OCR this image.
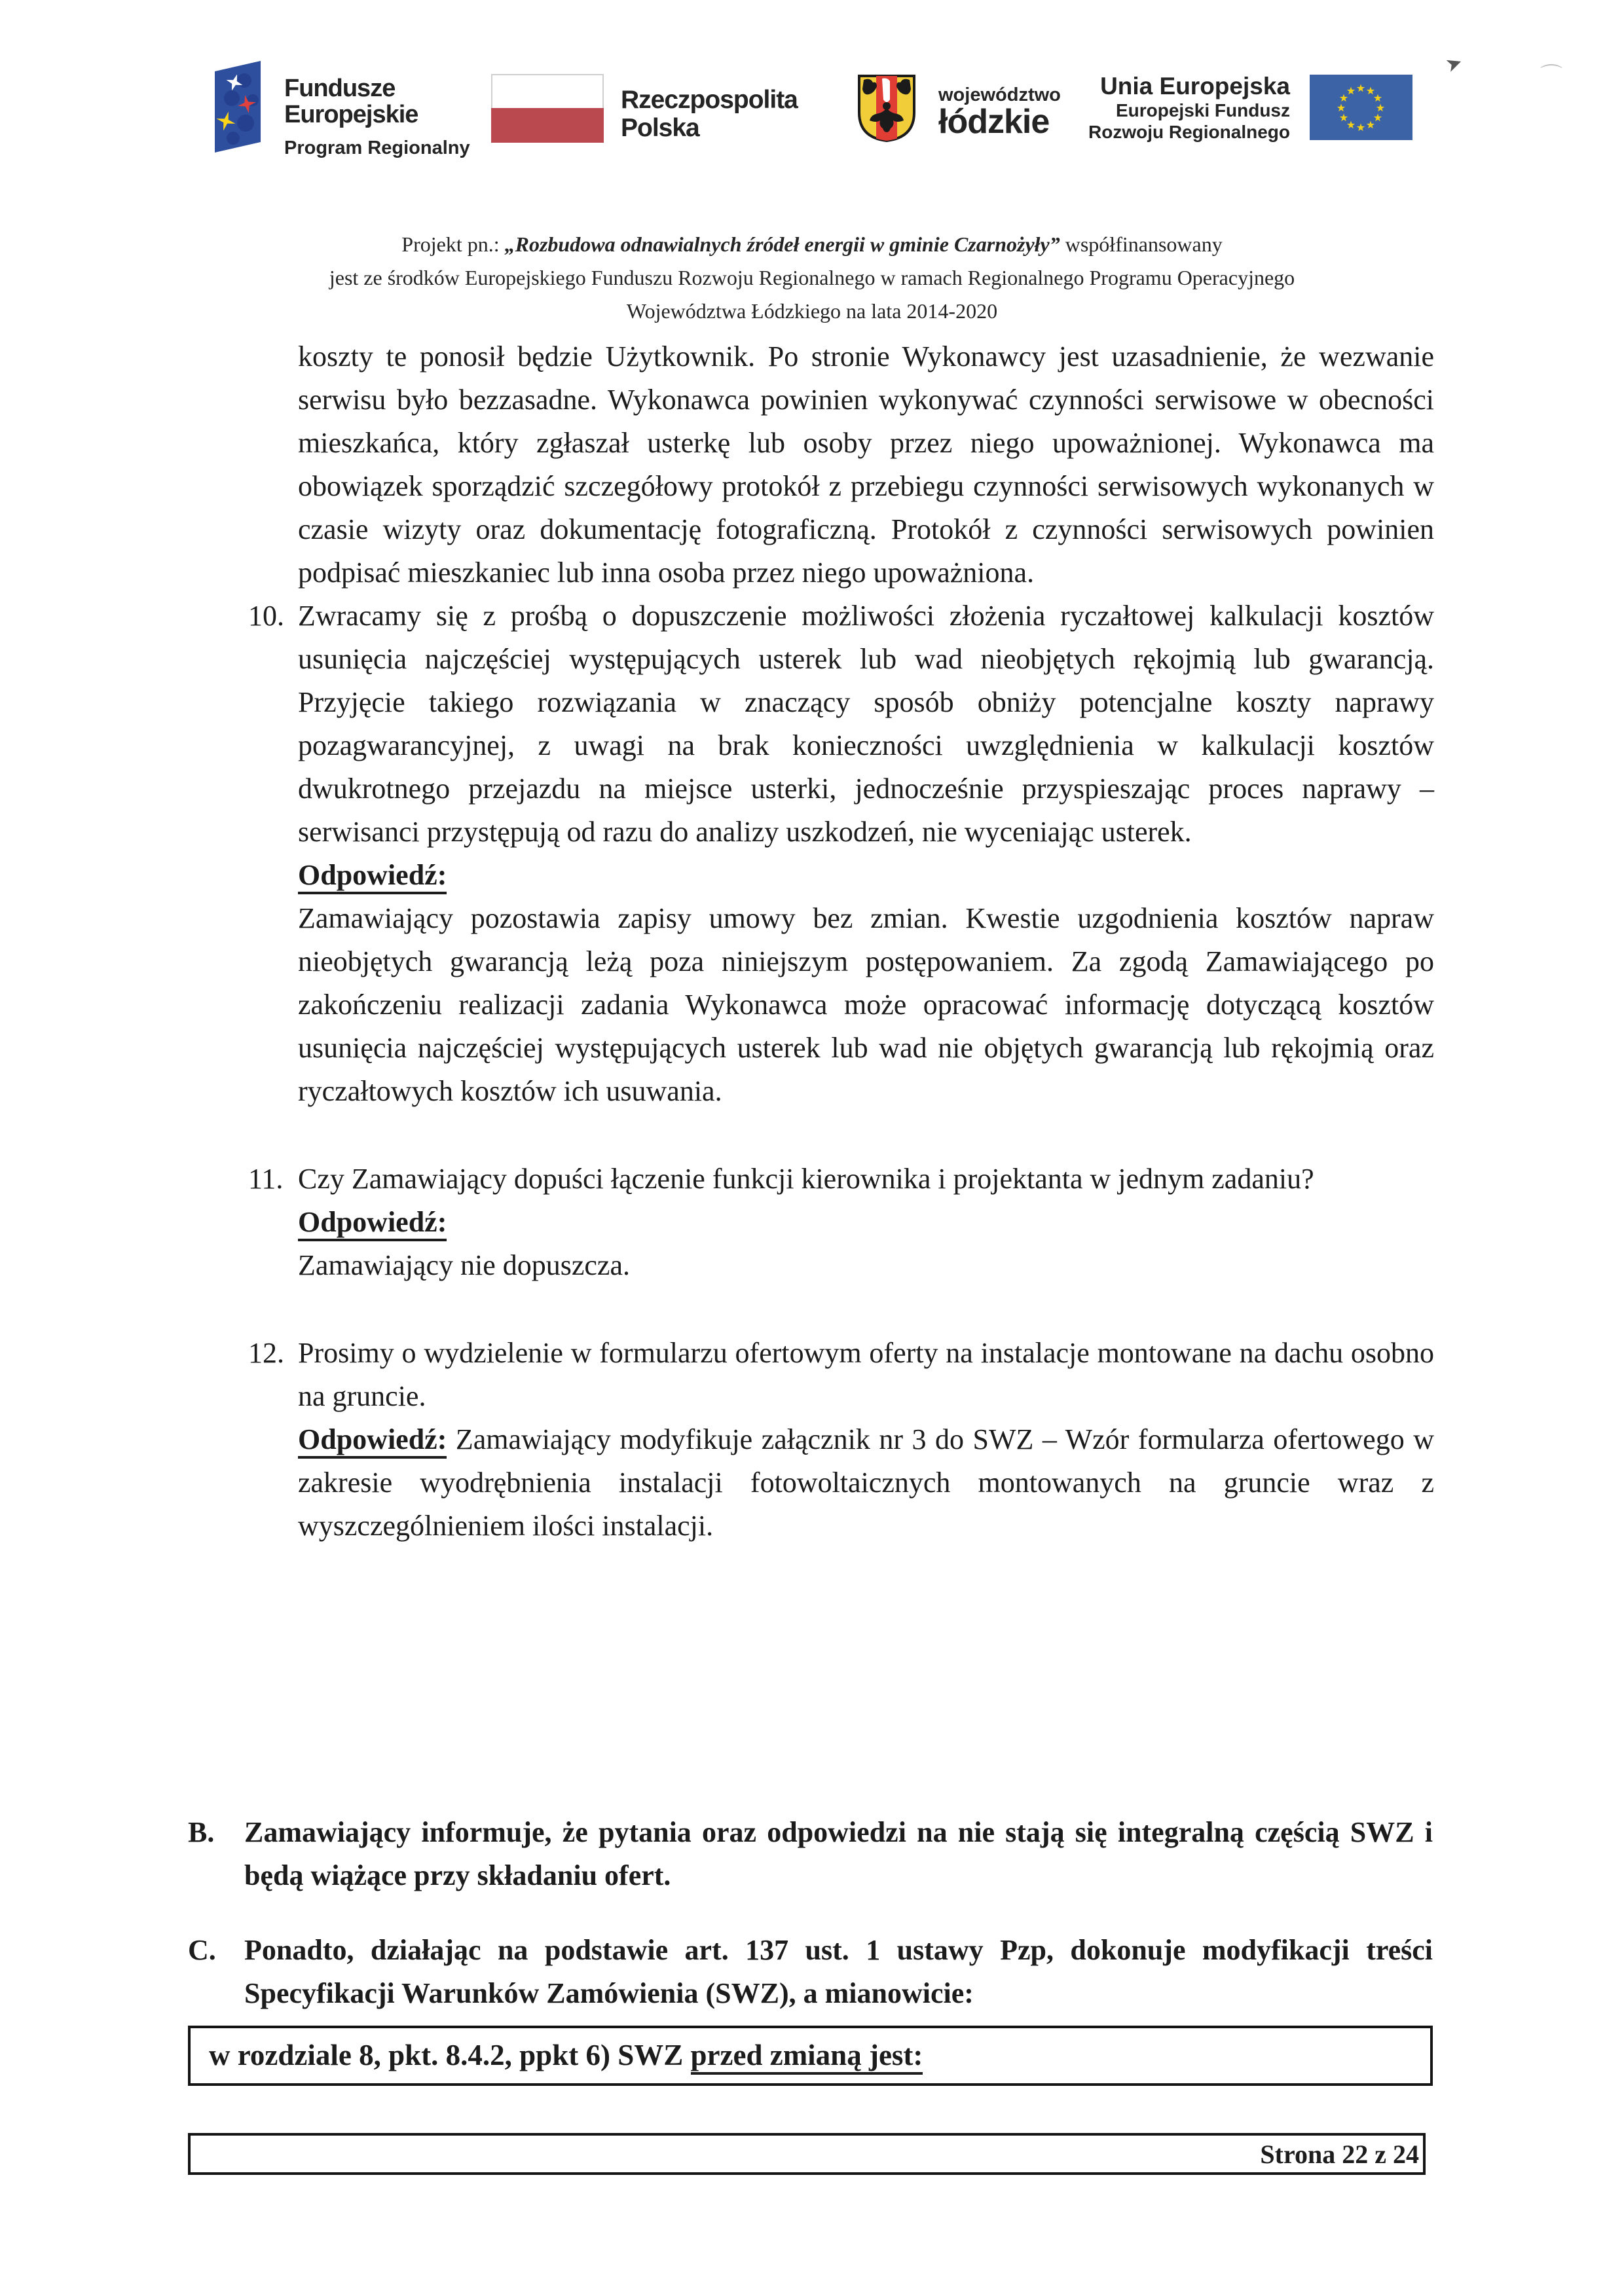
➤	⌒
Fundusze
Europejskie
Program Regionalny
Rzeczpospolita
Polska
województwo
łódzkie
Unia Europejska
Europejski Fundusz
Rozwoju Regionalnego
Projekt pn.: „Rozbudowa odnawialnych źródeł energii w gminie Czarnożyły” współfinansowany
jest ze środków Europejskiego Funduszu Rozwoju Regionalnego w ramach Regionalnego Programu Operacyjnego
Województwa Łódzkiego na lata 2014-2020

koszty te ponosił będzie Użytkownik. Po stronie Wykonawcy jest uzasadnienie, że wezwanie serwisu było bezzasadne. Wykonawca powinien wykonywać czynności serwisowe w obecności mieszkańca, który zgłaszał usterkę lub osoby przez niego upoważnionej. Wykonawca ma obowiązek sporządzić szczegółowy protokół z przebiegu czynności serwisowych wykonanych w czasie wizyty oraz dokumentację fotograficzną. Protokół z czynności serwisowych powinien podpisać mieszkaniec lub inna osoba przez niego upoważniona.

10. Zwracamy się z prośbą o dopuszczenie możliwości złożenia ryczałtowej kalkulacji kosztów usunięcia najczęściej występujących usterek lub wad nieobjętych rękojmią lub gwarancją. Przyjęcie takiego rozwiązania w znaczący sposób obniży potencjalne koszty naprawy pozagwarancyjnej, z uwagi na brak konieczności uwzględnienia w kalkulacji kosztów dwukrotnego przejazdu na miejsce usterki, jednocześnie przyspieszając proces naprawy – serwisanci przystępują od razu do analizy uszkodzeń, nie wyceniając usterek.

Odpowiedź:

Zamawiający pozostawia zapisy umowy bez zmian. Kwestie uzgodnienia kosztów napraw nieobjętych gwarancją leżą poza niniejszym postępowaniem. Za zgodą Zamawiającego po zakończeniu realizacji zadania Wykonawca może opracować informację dotyczącą kosztów usunięcia najczęściej występujących usterek lub wad nie objętych gwarancją lub rękojmią oraz ryczałtowych kosztów ich usuwania.

11. Czy Zamawiający dopuści łączenie funkcji kierownika i projektanta w jednym zadaniu?

Odpowiedź:

Zamawiający nie dopuszcza.

12. Prosimy o wydzielenie w formularzu ofertowym oferty na instalacje montowane na dachu osobno na gruncie.

Odpowiedź: Zamawiający modyfikuje załącznik nr 3 do SWZ – Wzór formularza ofertowego w zakresie wyodrębnienia instalacji fotowoltaicznych montowanych na gruncie wraz z wyszczególnieniem ilości instalacji.

B. Zamawiający informuje, że pytania oraz odpowiedzi na nie stają się integralną częścią SWZ i będą wiążące przy składaniu ofert.
C. Ponadto, działając na podstawie art. 137 ust. 1 ustawy Pzp, dokonuje modyfikacji treści Specyfikacji Warunków Zamówienia (SWZ), a mianowicie:
w rozdziale 8, pkt. 8.4.2, ppkt 6) SWZ przed zmianą jest:
Strona 22 z 24
